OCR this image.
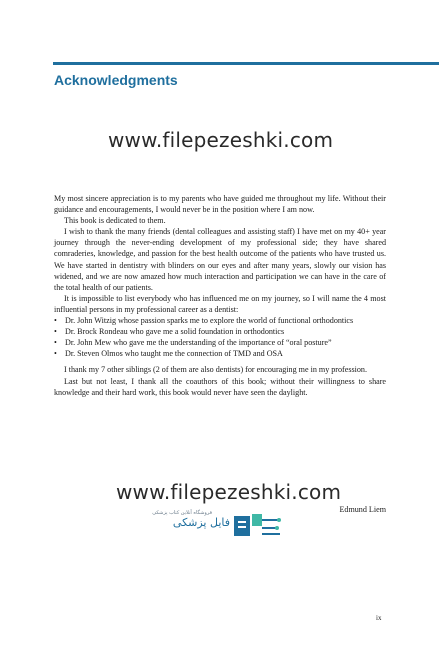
Acknowledgments
www.filepezeshki.com

My most sincere appreciation is to my parents who have guided me throughout my life. Without their guidance and encouragements, I would never be in the position where I am now.

This book is dedicated to them.

I wish to thank the many friends (dental colleagues and assisting staff) I have met on my 40+ year journey through the never-ending development of my professional side; they have shared comraderies, knowledge, and passion for the best health outcome of the patients who have trusted us. We have started in dentistry with blinders on our eyes and after many years, slowly our vision has widened, and we are now amazed how much interaction and participation we can have in the care of the total health of our patients.

It is impossible to list everybody who has influenced me on my journey, so I will name the 4 most influential persons in my professional career as a dentist:

• Dr. John Witzig whose passion sparks me to explore the world of functional orthodontics
• Dr. Brock Rondeau who gave me a solid foundation in orthodontics
• Dr. John Mew who gave me the understanding of the importance of “oral posture”
• Dr. Steven Olmos who taught me the connection of TMD and OSA

I thank my 7 other siblings (2 of them are also dentists) for encouraging me in my profession.

Last but not least, I thank all the coauthors of this book; without their willingness to share knowledge and their hard work, this book would never have seen the daylight.

www.filepezeshki.com
Edmund Liem
فروشگاه آنلاین کتاب پزشکی
فایل پزشکی
ix
